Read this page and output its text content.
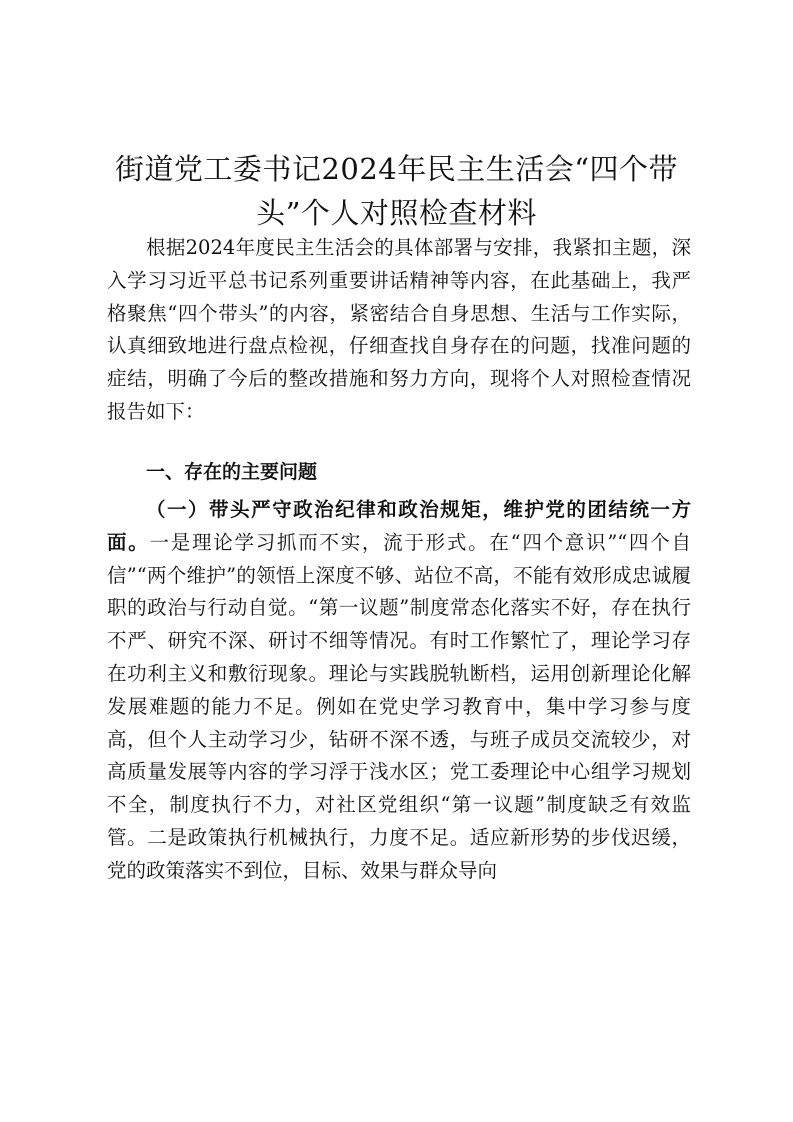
街道党工委书记2024年民主生活会“四个带头”个人对照检查材料

根据2024年度民主生活会的具体部署与安排，我紧扣主题，深入学习习近平总书记系列重要讲话精神等内容，在此基础上，我严格聚焦“四个带头”的内容，紧密结合自身思想、生活与工作实际，认真细致地进行盘点检视，仔细查找自身存在的问题，找准问题的症结，明确了今后的整改措施和努力方向，现将个人对照检查情况报告如下：

一、存在的主要问题

（一）带头严守政治纪律和政治规矩，维护党的团结统一方面。一是理论学习抓而不实，流于形式。在“四个意识”“四个自信”“两个维护”的领悟上深度不够、站位不高，不能有效形成忠诚履职的政治与行动自觉。“第一议题”制度常态化落实不好，存在执行不严、研究不深、研讨不细等情况。有时工作繁忙了，理论学习存在功利主义和敷衍现象。理论与实践脱轨断档，运用创新理论化解发展难题的能力不足。例如在党史学习教育中，集中学习参与度高，但个人主动学习少，钻研不深不透，与班子成员交流较少，对高质量发展等内容的学习浮于浅水区；党工委理论中心组学习规划不全，制度执行不力，对社区党组织“第一议题”制度缺乏有效监管。二是政策执行机械执行，力度不足。适应新形势的步伐迟缓，党的政策落实不到位，目标、效果与群众导向
